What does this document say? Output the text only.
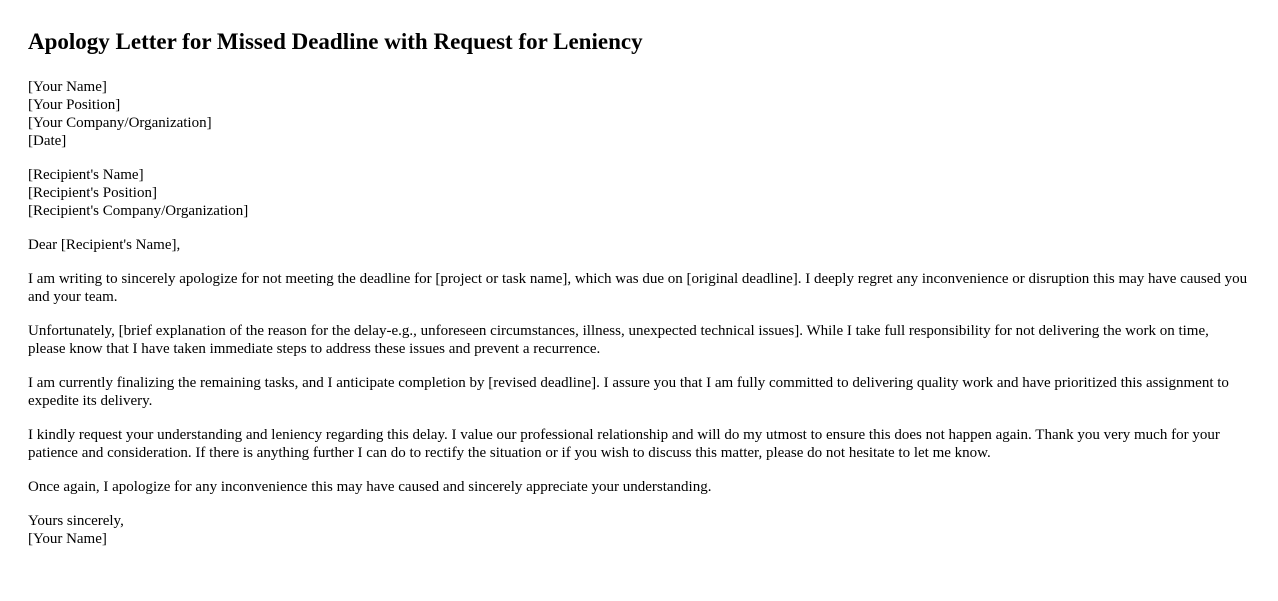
Apology Letter for Missed Deadline with Request for Leniency
[Your Name]
[Your Position]
[Your Company/Organization]
[Date]
[Recipient's Name]
[Recipient's Position]
[Recipient's Company/Organization]

Dear [Recipient's Name],

I am writing to sincerely apologize for not meeting the deadline for [project or task name], which was due on [original deadline]. I deeply regret any inconvenience or disruption this may have caused you and your team.

Unfortunately, [brief explanation of the reason for the delay-e.g., unforeseen circumstances, illness, unexpected technical issues]. While I take full responsibility for not delivering the work on time, please know that I have taken immediate steps to address these issues and prevent a recurrence.

I am currently finalizing the remaining tasks, and I anticipate completion by [revised deadline]. I assure you that I am fully committed to delivering quality work and have prioritized this assignment to expedite its delivery.

I kindly request your understanding and leniency regarding this delay. I value our professional relationship and will do my utmost to ensure this does not happen again. Thank you very much for your patience and consideration. If there is anything further I can do to rectify the situation or if you wish to discuss this matter, please do not hesitate to let me know.

Once again, I apologize for any inconvenience this may have caused and sincerely appreciate your understanding.

Yours sincerely,
[Your Name]
